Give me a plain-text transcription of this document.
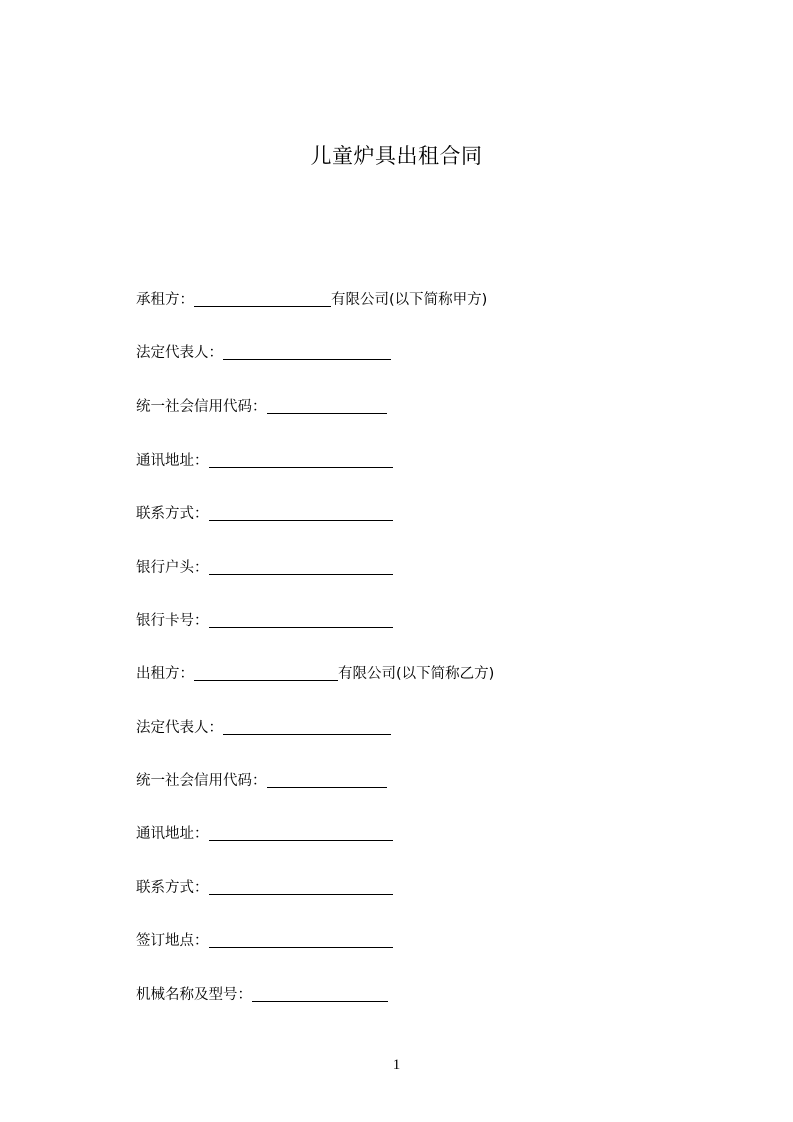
儿童炉具出租合同
承租方：	有限公司(以下简称甲方)
法定代表人：
统一社会信用代码：
通讯地址：
联系方式：
银行户头：
银行卡号：
出租方：	有限公司(以下简称乙方)
法定代表人：
统一社会信用代码：
通讯地址：
联系方式：
签订地点：
机械名称及型号：
1
